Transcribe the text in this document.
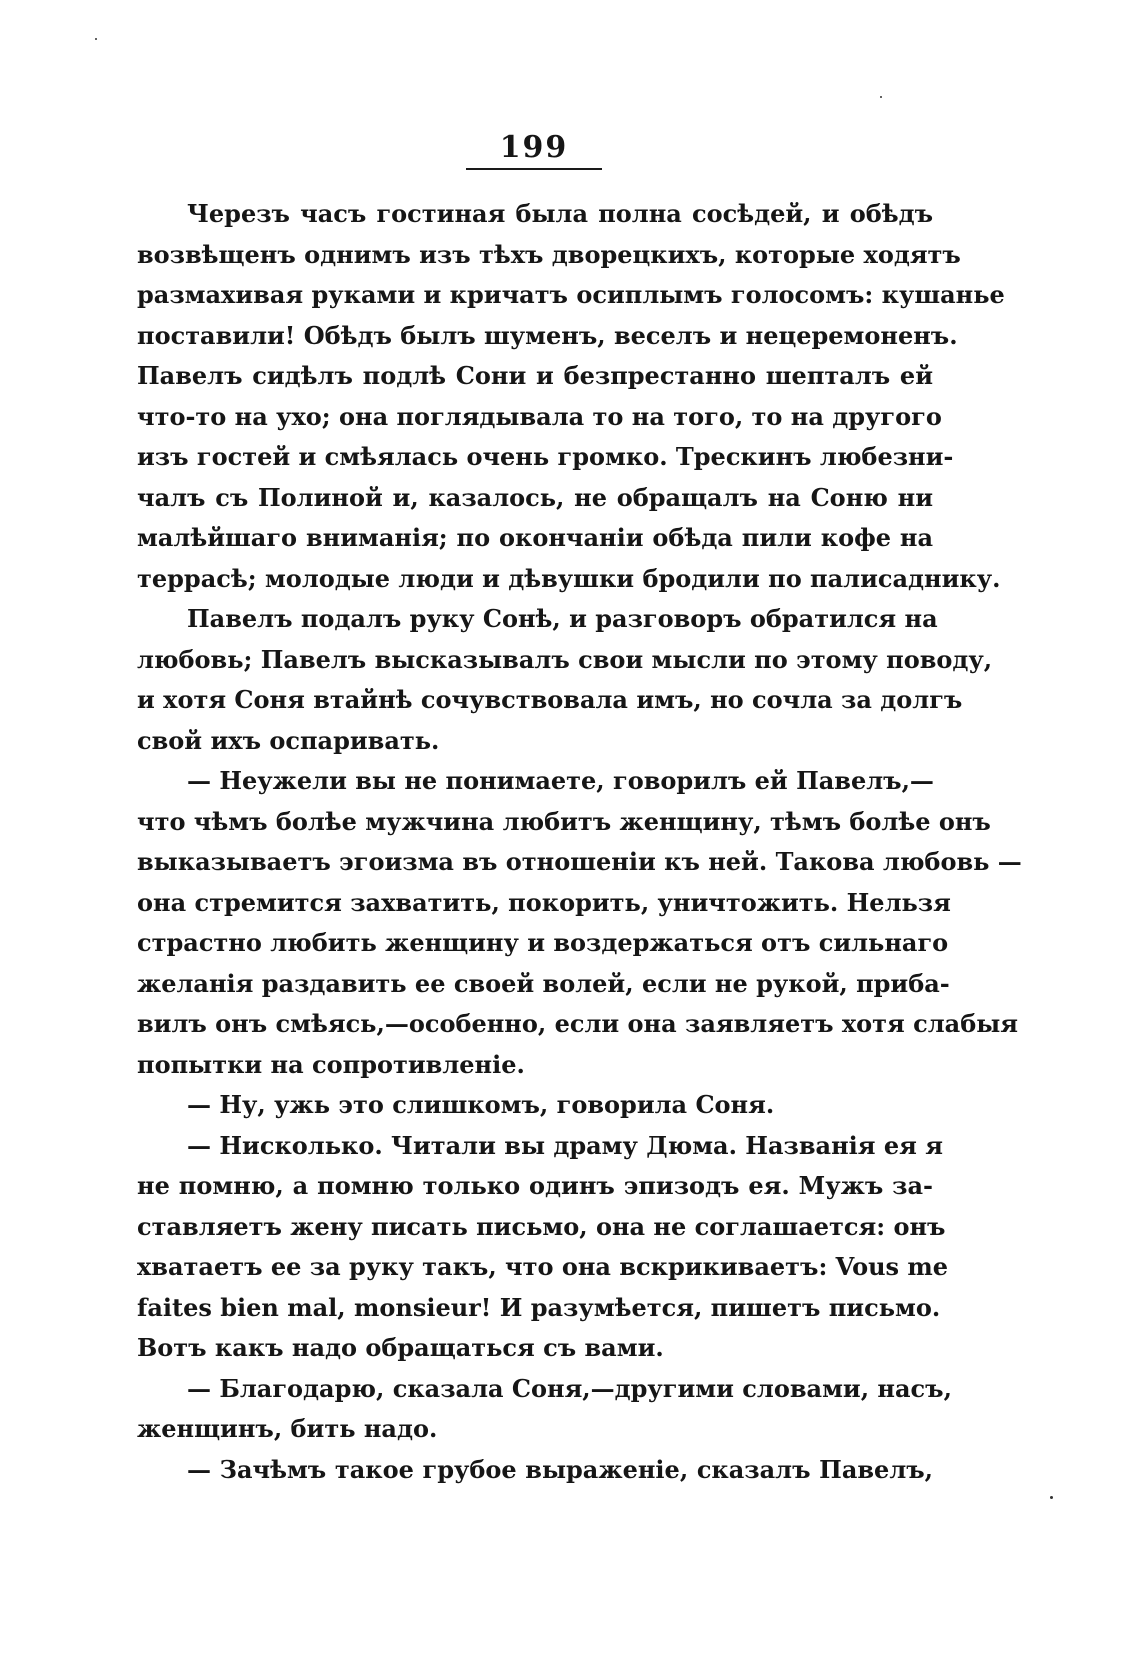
199
Черезъ часъ гостиная была полна сосѣдей, и обѣдъ
возвѣщенъ однимъ изъ тѣхъ дворецкихъ, которые ходятъ
размахивая руками и кричатъ осиплымъ голосомъ: кушанье
поставили! Обѣдъ былъ шуменъ, веселъ и нецеремоненъ.
Павелъ сидѣлъ подлѣ Сони и безпрестанно шепталъ ей
что-то на ухо; она поглядывала то на того, то на другого
изъ гостей и смѣялась очень громко. Трескинъ любезни-
чалъ съ Полиной и, казалось, не обращалъ на Соню ни
малѣйшаго вниманія; по окончаніи обѣда пили кофе на
террасѣ; молодые люди и дѣвушки бродили по палисаднику.
Павелъ подалъ руку Сонѣ, и разговоръ обратился на
любовь; Павелъ высказывалъ свои мысли по этому поводу,
и хотя Соня втайнѣ сочувствовала имъ, но сочла за долгъ
свой ихъ оспаривать.
— Неужели вы не понимаете, говорилъ ей Павелъ,—
что чѣмъ болѣе мужчина любитъ женщину, тѣмъ болѣе онъ
выказываетъ эгоизма въ отношеніи къ ней. Такова любовь —
она стремится захватить, покорить, уничтожить. Нельзя
страстно любить женщину и воздержаться отъ сильнаго
желанія раздавить ее своей волей, если не рукой, приба-
вилъ онъ смѣясь,—особенно, если она заявляетъ хотя слабыя
попытки на сопротивленіе.
— Ну, ужь это слишкомъ, говорила Соня.
— Нисколько. Читали вы драму Дюма. Названія ея я
не помню, а помню только одинъ эпизодъ ея. Мужъ за-
ставляетъ жену писать письмо, она не соглашается: онъ
хватаетъ ее за руку такъ, что она вскрикиваетъ: Vous me
faites bien mal, monsieur! И разумѣется, пишетъ письмо.
Вотъ какъ надо обращаться съ вами.
— Благодарю, сказала Соня,—другими словами, насъ,
женщинъ, бить надо.
— Зачѣмъ такое грубое выраженіе, сказалъ Павелъ,
